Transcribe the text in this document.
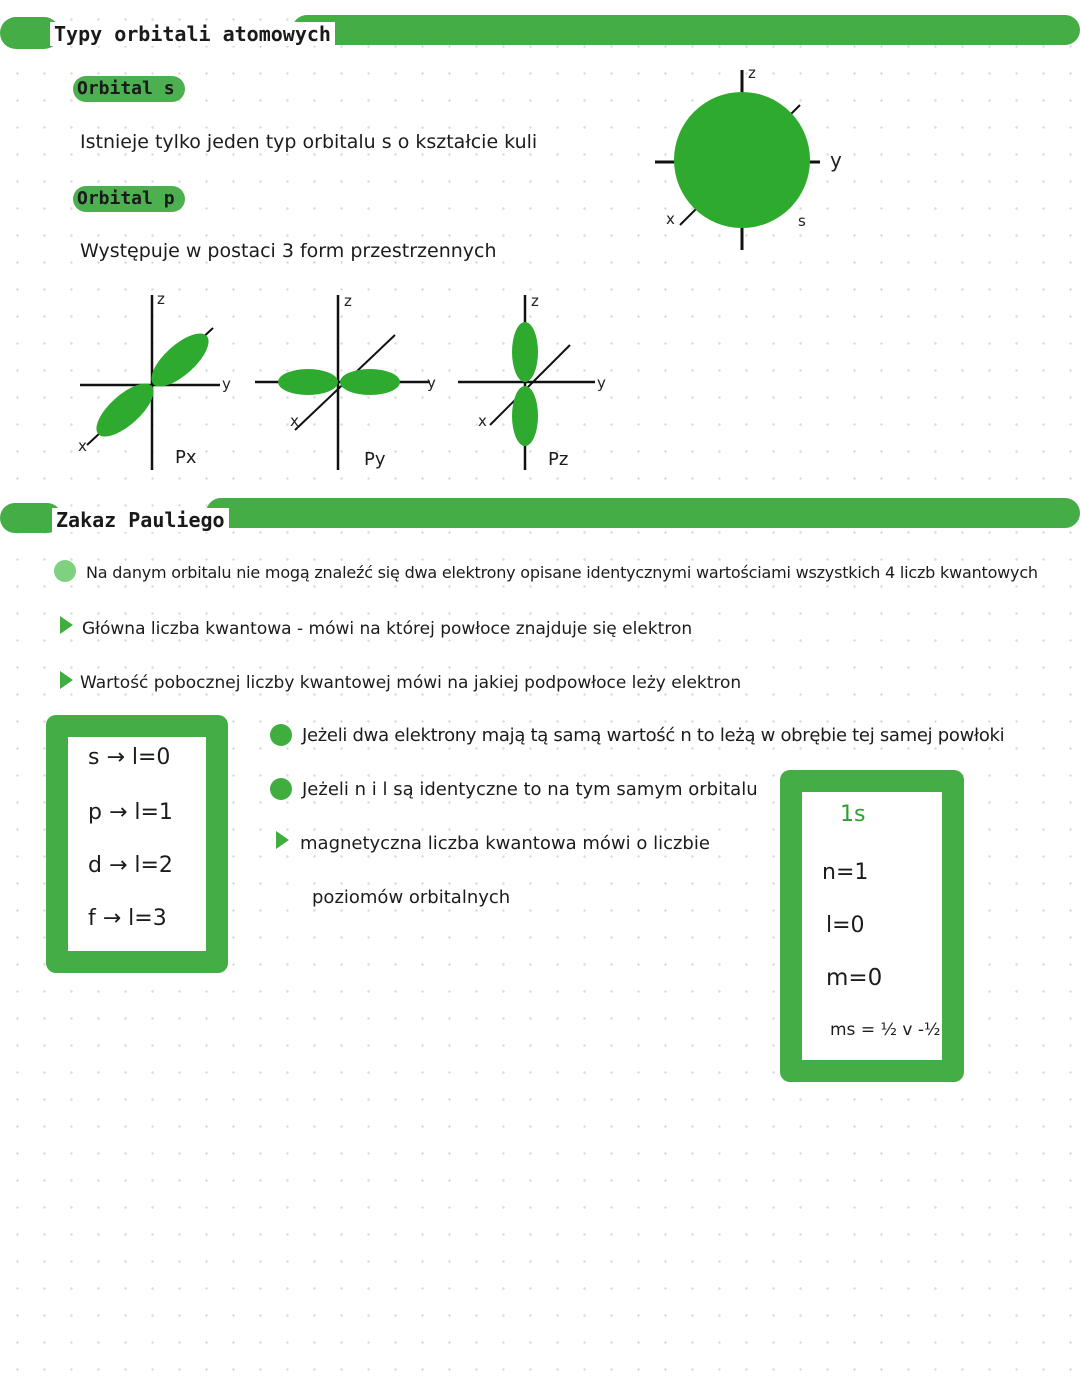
Typy orbitali atomowych
Orbital s
Istnieje tylko jeden typ orbitalu s o kształcie kuli
z
y
x	s
Orbital p
Występuje w postaci 3 form przestrzennych
z
y
x
Px
z
y
x
Py
z
y
x
Pz
Zakaz Pauliego
Na danym orbitalu nie mogą znaleźć się dwa elektrony opisane identycznymi wartościami wszystkich 4 liczb kwantowych
Główna liczba kwantowa - mówi na której powłoce znajduje się elektron
Wartość pobocznej liczby kwantowej mówi na jakiej podpowłoce leży elektron
s → l=0
p → l=1
d → l=2
f → l=3
Jeżeli dwa elektrony mają tą samą wartość n to leżą w obrębie tej samej powłoki
Jeżeli n i l są identyczne to na tym samym orbitalu
magnetyczna liczba kwantowa mówi o liczbie
poziomów orbitalnych
1s
n=1
l=0
m=0
ms = ½ v -½
